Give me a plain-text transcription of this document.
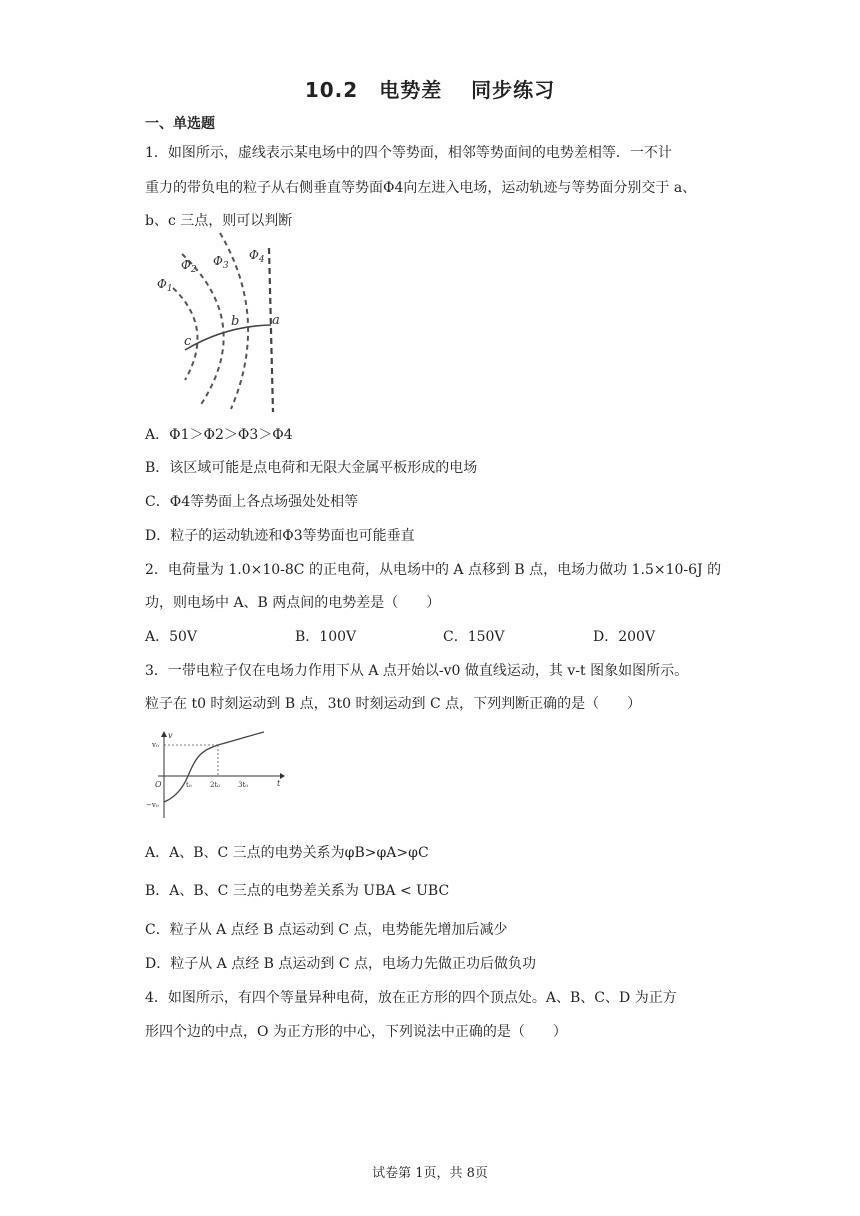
10.2　电势差　 同步练习
一、单选题
1．如图所示，虚线表示某电场中的四个等势面，相邻等势面间的电势差相等．一不计
重力的带负电的粒子从右侧垂直等势面Φ4向左进入电场，运动轨迹与等势面分别交于 a、
b、c 三点，则可以判断
$\Phi_1$
$\Phi_2$
$\Phi_3$
$\Phi_4$
a
b
c
A．Φ1＞Φ2＞Φ3＞Φ4
B．该区域可能是点电荷和无限大金属平板形成的电场
C．Φ4等势面上各点场强处处相等
D．粒子的运动轨迹和Φ3等势面也可能垂直
2．电荷量为 1.0×10-8C 的正电荷，从电场中的 A 点移到 B 点，电场力做功 1.5×10-6J 的
功，则电场中 A、B 两点间的电势差是（　　）
A．50V	B．100V	C．150V	D．200V
3．一带电粒子仅在电场力作用下从 A 点开始以-v0 做直线运动，其 v-t 图象如图所示。
粒子在 t0 时刻运动到 B 点，3t0 时刻运动到 C 点，下列判断正确的是（　　）
v
v₀
O	t₀	2t₀	3t₀	t
−v₀
A．A、B、C 三点的电势关系为φB>φA>φC
B．A、B、C 三点的电势差关系为 UBA < UBC
C．粒子从 A 点经 B 点运动到 C 点，电势能先增加后减少
D．粒子从 A 点经 B 点运动到 C 点，电场力先做正功后做负功
4．如图所示，有四个等量异种电荷，放在正方形的四个顶点处。A、B、C、D 为正方
形四个边的中点，O 为正方形的中心，下列说法中正确的是（　　）
试卷第 1页，共 8页
